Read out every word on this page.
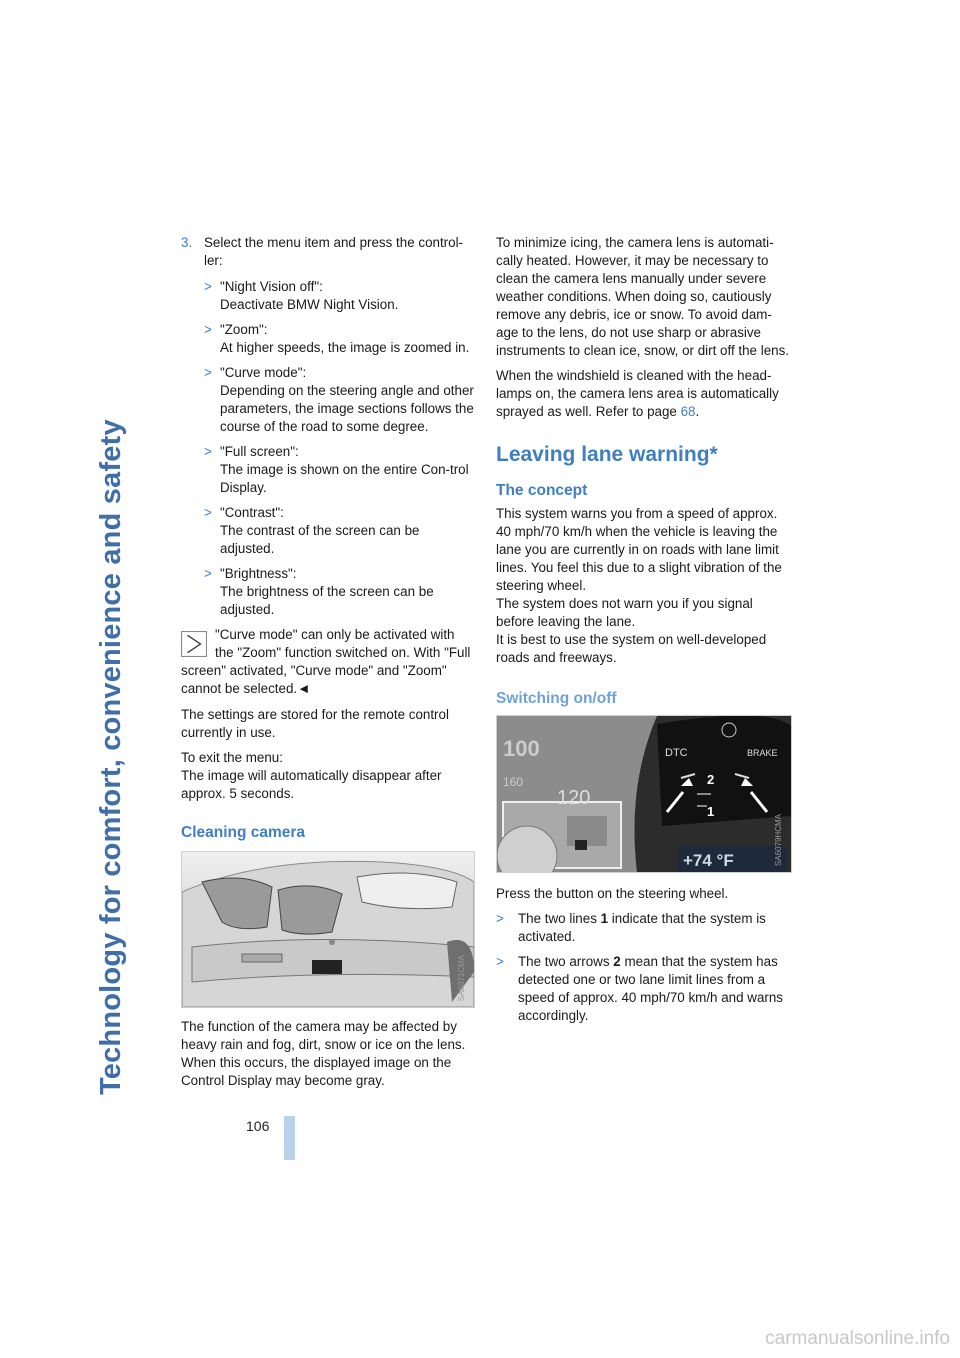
Technology for comfort, convenience and safety
106
carmanualsonline.info
3. Select the menu item and press the control-ler:
> "Night Vision off":
Deactivate BMW Night Vision.
> "Zoom":
At higher speeds, the image is zoomed in.
> "Curve mode":
Depending on the steering angle and other parameters, the image sections follows the course of the road to some degree.
> "Full screen":
The image is shown on the entire Con-trol Display.
> "Contrast":
The contrast of the screen can be adjusted.
> "Brightness":
The brightness of the screen can be adjusted.
"Curve mode" can only be activated with the "Zoom" function switched on. With "Full screen" activated, "Curve mode" and "Zoom" cannot be selected.◄

The settings are stored for the remote control currently in use.

To exit the menu:
The image will automatically disappear after approx. 5 seconds.

Cleaning camera
SA6071CMA

The function of the camera may be affected by heavy rain and fog, dirt, snow or ice on the lens. When this occurs, the displayed image on the Control Display may become gray.

To minimize icing, the camera lens is automati-cally heated. However, it may be necessary to clean the camera lens manually under severe weather conditions. When doing so, cautiously remove any debris, ice or snow. To avoid dam-age to the lens, do not use sharp or abrasive instruments to clean ice, snow, or dirt off the lens.

When the windshield is cleaned with the head-lamps on, the camera lens area is automatically sprayed as well. Refer to page 68.

Leaving lane warning*
The concept

This system warns you from a speed of approx. 40 mph/70 km/h when the vehicle is leaving the lane you are currently in on roads with lane limit lines. You feel this due to a slight vibration of the steering wheel.
The system does not warn you if you signal before leaving the lane.
It is best to use the system on well-developed roads and freeways.

Switching on/off
100
160
120
DTC	BRAKE
2
1
+74 °F	SA6079HCMA

Press the button on the steering wheel.

> The two lines 1 indicate that the system is activated.
> The two arrows 2 mean that the system has detected one or two lane limit lines from a speed of approx. 40 mph/70 km/h and warns accordingly.
